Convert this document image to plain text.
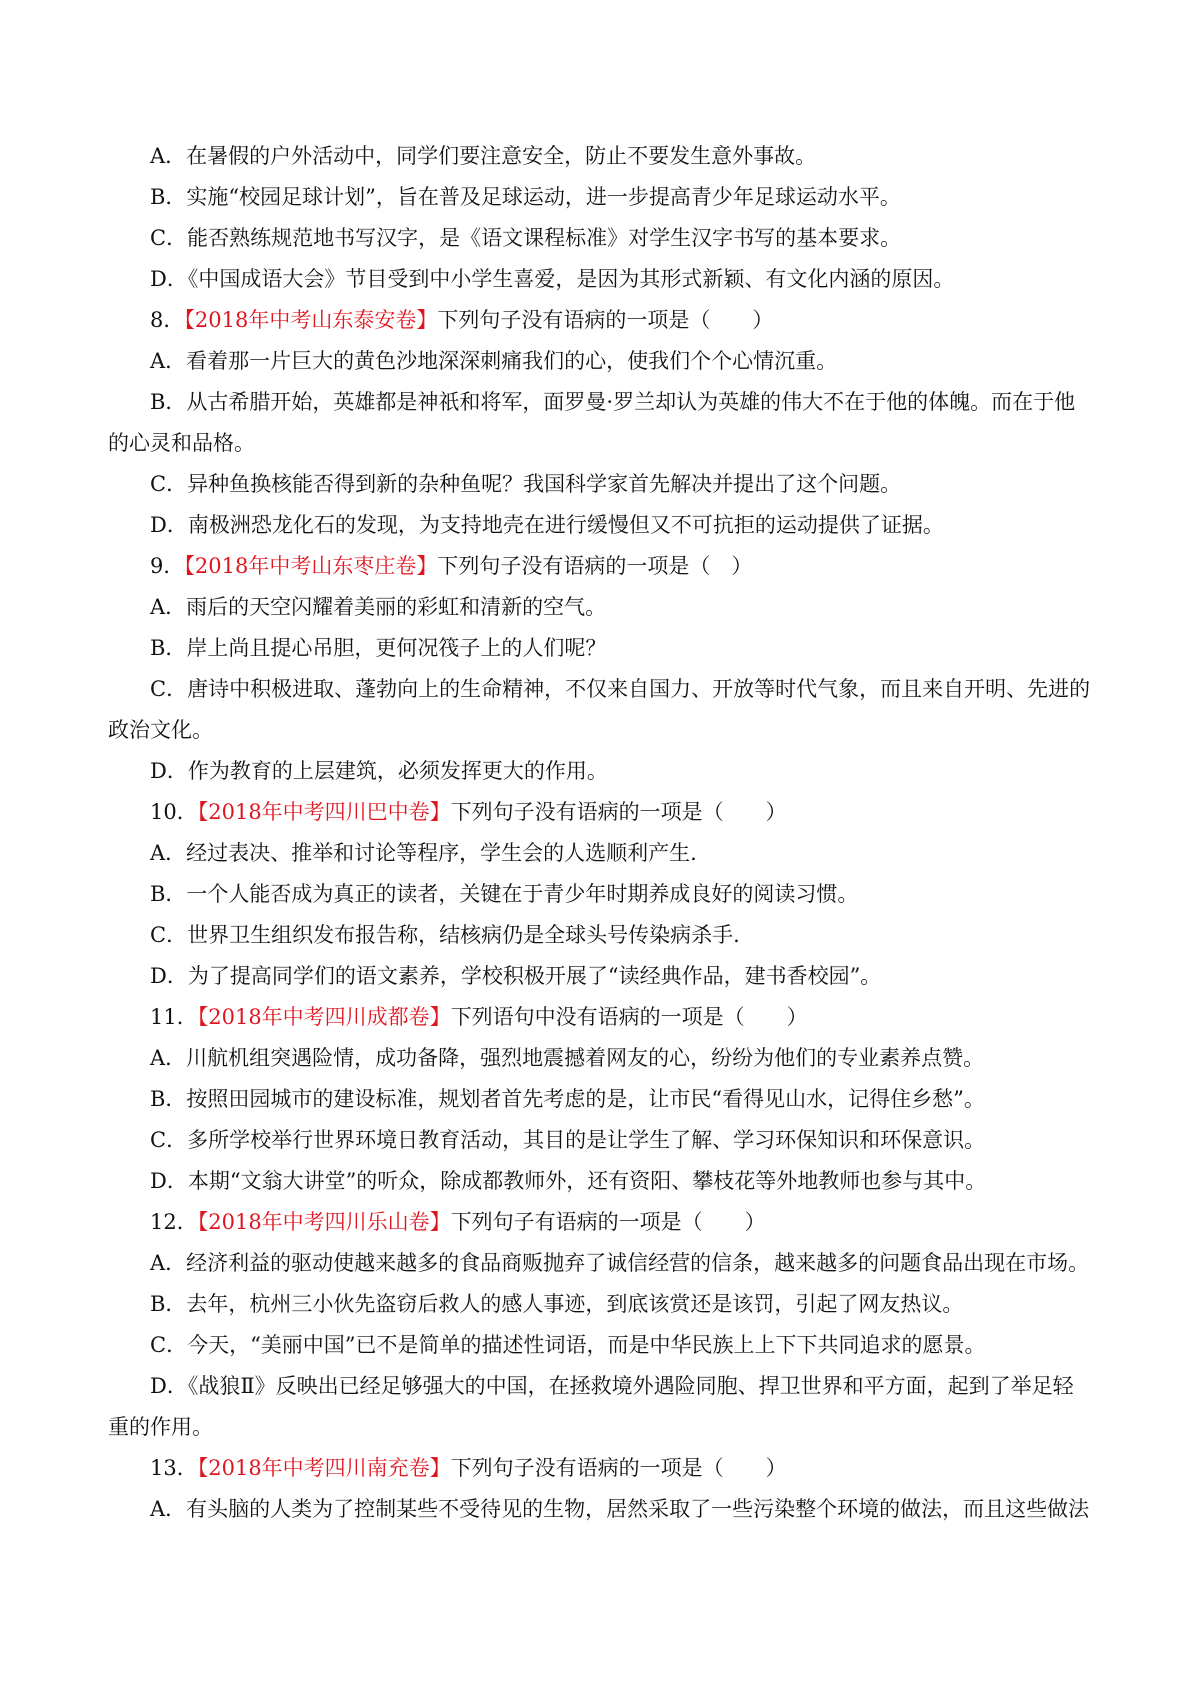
A．在暑假的户外活动中，同学们要注意安全，防止不要发生意外事故。
B．实施“校园足球计划”，旨在普及足球运动，进一步提高青少年足球运动水平。
C．能否熟练规范地书写汉字，是《语文课程标准》对学生汉字书写的基本要求。
D．《中国成语大会》节目受到中小学生喜爱，是因为其形式新颖、有文化内涵的原因。
8．【2018年中考山东泰安卷】下列句子没有语病的一项是（　　）
A．看着那一片巨大的黄色沙地深深刺痛我们的心，使我们个个心情沉重。
B．从古希腊开始，英雄都是神祇和将军，面罗曼·罗兰却认为英雄的伟大不在于他的体魄。而在于他
的心灵和品格。
C．异种鱼换核能否得到新的杂种鱼呢？我国科学家首先解决并提出了这个问题。
D．南极洲恐龙化石的发现，为支持地壳在进行缓慢但又不可抗拒的运动提供了证据。
9．【2018年中考山东枣庄卷】下列句子没有语病的一项是（　）
A．雨后的天空闪耀着美丽的彩虹和清新的空气。
B．岸上尚且提心吊胆，更何况筏子上的人们呢？
C．唐诗中积极进取、蓬勃向上的生命精神，不仅来自国力、开放等时代气象，而且来自开明、先进的
政治文化。
D．作为教育的上层建筑，必须发挥更大的作用。
10．【2018年中考四川巴中卷】下列句子没有语病的一项是（　　）
A．经过表决、推举和讨论等程序，学生会的人选顺利产生.
B．一个人能否成为真正的读者，关键在于青少年时期养成良好的阅读习惯。
C．世界卫生组织发布报告称，结核病仍是全球头号传染病杀手.
D．为了提高同学们的语文素养，学校积极开展了“读经典作品，建书香校园”。
11．【2018年中考四川成都卷】下列语句中没有语病的一项是（　　）
A．川航机组突遇险情，成功备降，强烈地震撼着网友的心，纷纷为他们的专业素养点赞。
B．按照田园城市的建设标准，规划者首先考虑的是，让市民“看得见山水，记得住乡愁”。
C．多所学校举行世界环境日教育活动，其目的是让学生了解、学习环保知识和环保意识。
D．本期“文翁大讲堂”的听众，除成都教师外，还有资阳、攀枝花等外地教师也参与其中。
12．【2018年中考四川乐山卷】下列句子有语病的一项是（　　）
A．经济利益的驱动使越来越多的食品商贩抛弃了诚信经营的信条，越来越多的问题食品出现在市场。
B．去年，杭州三小伙先盗窃后救人的感人事迹，到底该赏还是该罚，引起了网友热议。
C．今天，“美丽中国”已不是简单的描述性词语，而是中华民族上上下下共同追求的愿景。
D．《战狼Ⅱ》反映出已经足够强大的中国，在拯救境外遇险同胞、捍卫世界和平方面，起到了举足轻
重的作用。
13．【2018年中考四川南充卷】下列句子没有语病的一项是（　　）
A．有头脑的人类为了控制某些不受待见的生物，居然采取了一些污染整个环境的做法，而且这些做法
